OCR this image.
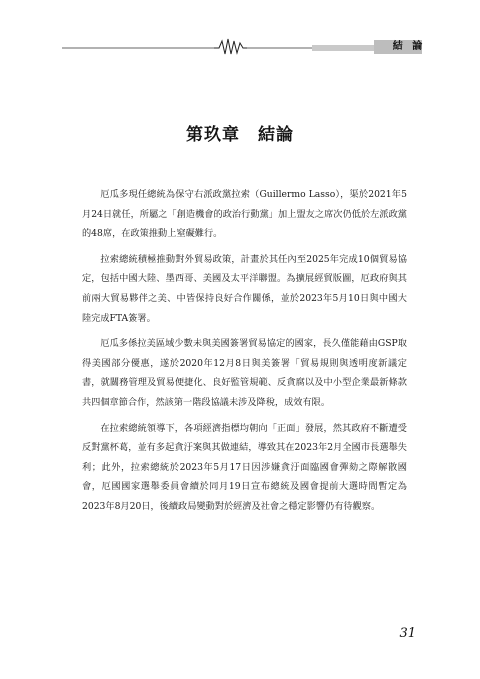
結 論
第玖章　結論

厄瓜多現任總統為保守右派政黨拉索（Guillermo Lasso），渠於2021年5月24日就任，所屬之「創造機會的政治行動黨」加上盟友之席次仍低於左派政黨的48席，在政策推動上窒礙難行。

拉索總統積極推動對外貿易政策，計畫於其任內至2025年完成10個貿易協定，包括中國大陸、墨西哥、美國及太平洋聯盟。為擴展經貿版圖，厄政府與其前兩大貿易夥伴之美、中皆保持良好合作關係，並於2023年5月10日與中國大陸完成FTA簽署。

厄瓜多係拉美區域少數未與美國簽署貿易協定的國家，長久僅能藉由GSP取得美國部分優惠，遂於2020年12月8日與美簽署「貿易規則與透明度新議定書，就關務管理及貿易便捷化、良好監管規範、反貪腐以及中小型企業最新條款共四個章節合作，然該第一階段協議未涉及降稅，成效有限。

在拉索總統領導下，各項經濟指標均朝向「正面」發展，然其政府不斷遭受反對黨杯葛，並有多起貪汙案與其做連結，導致其在2023年2月全國市長選舉失利；此外，拉索總統於2023年5月17日因涉嫌貪汙面臨國會彈劾之際解散國會，厄國國家選舉委員會續於同月19日宣布總統及國會提前大選時間暫定為2023年8月20日，後續政局變動對於經濟及社會之穩定影響仍有待觀察。

31
